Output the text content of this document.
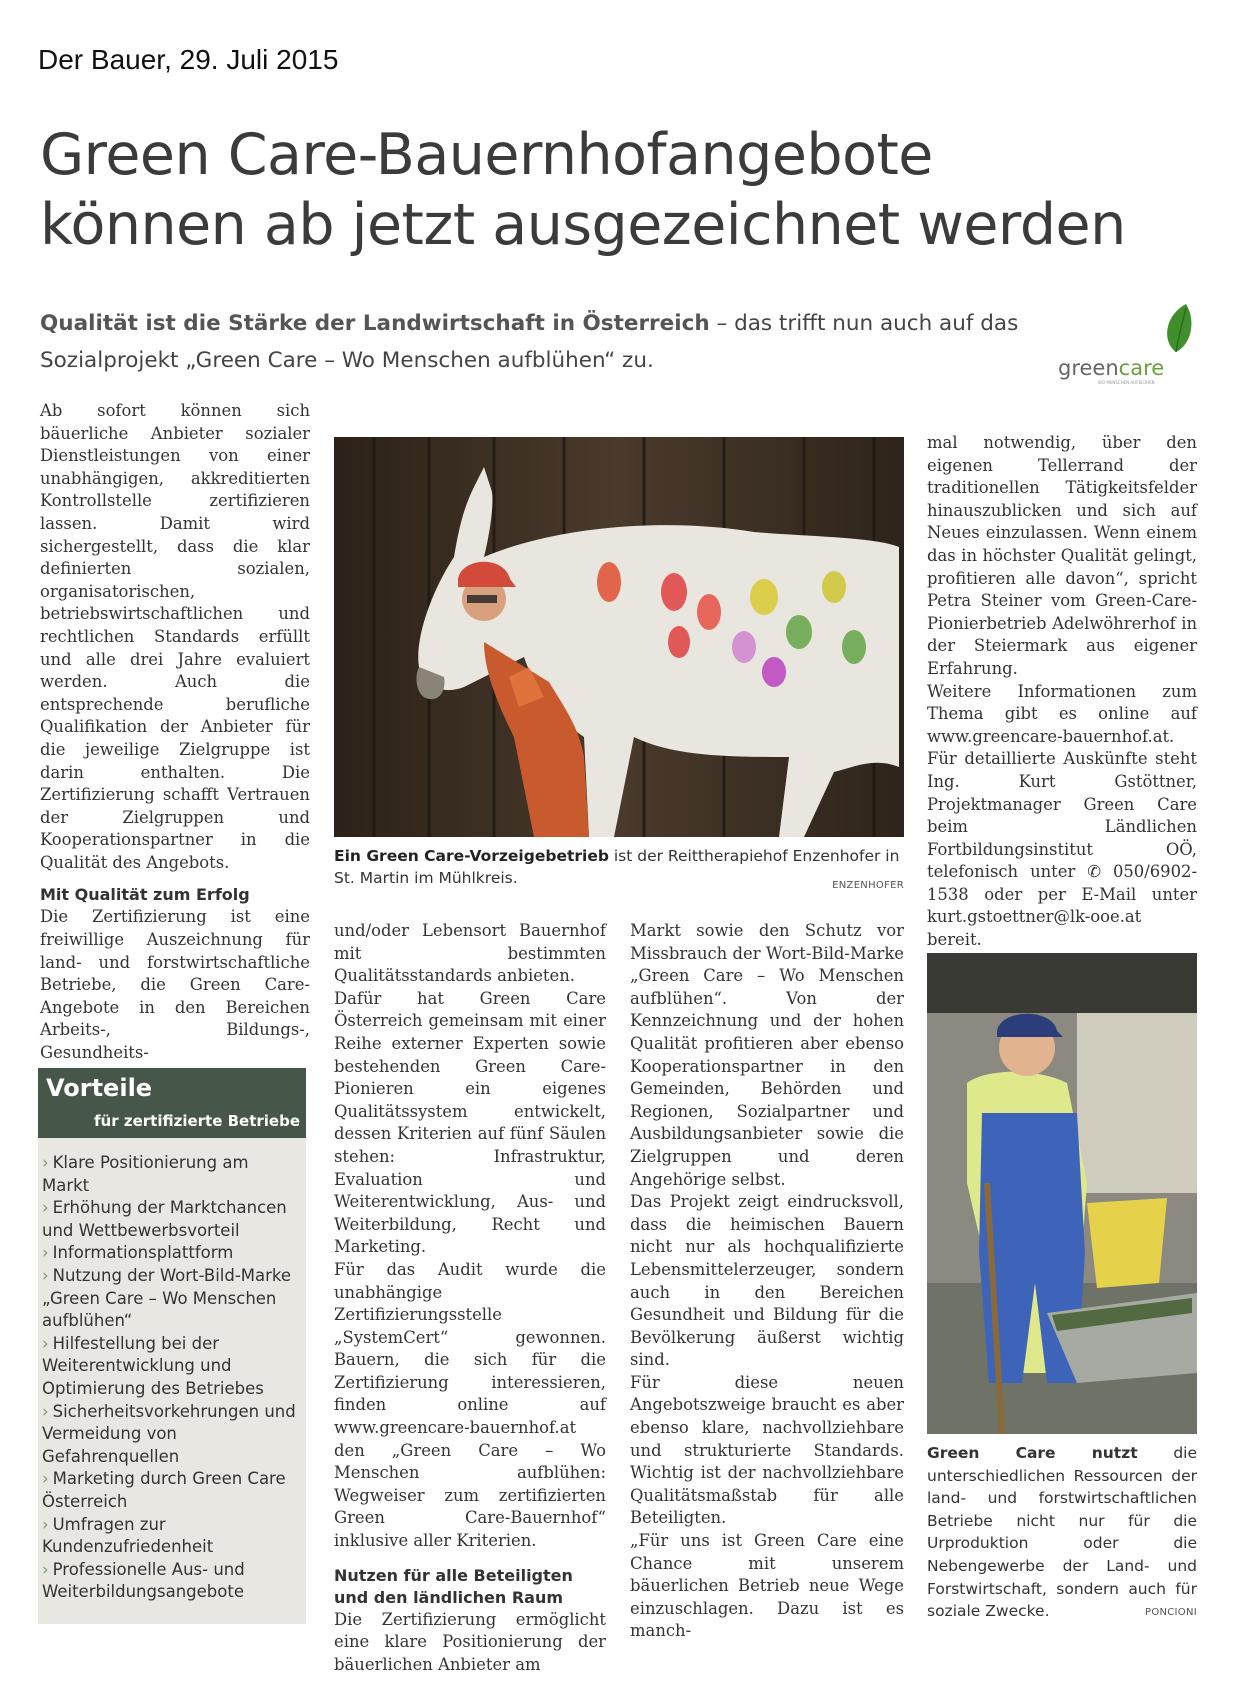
Der Bauer, 29. Juli 2015
Green Care-Bauernhofangebote
können ab jetzt ausgezeichnet werden
Qualität ist die Stärke der Landwirtschaft in Österreich – das trifft nun auch auf das Sozialprojekt „Green Care – Wo Menschen aufblühen“ zu.	greencare
WO MENSCHEN AUFBLÜHEN

Ab sofort können sich bäuerliche Anbieter sozialer Dienstleistungen von einer unabhängigen, akkreditierten Kontrollstelle zertifizieren lassen. Damit wird sichergestellt, dass die klar definierten sozialen, organisatorischen, betriebswirtschaftlichen und rechtlichen Standards erfüllt und alle drei Jahre evaluiert werden. Auch die entsprechende berufliche Qualifikation der Anbieter für die jeweilige Zielgruppe ist darin enthalten. Die Zertifizierung schafft Vertrauen der Zielgruppen und Kooperationspartner in die Qualität des Angebots.

Mit Qualität zum Erfolg

Die Zertifizierung ist eine freiwillige Auszeichnung für land- und forstwirtschaftliche Betriebe, die Green Care-Angebote in den Bereichen Arbeits-, Bildungs-, Gesundheits-

Vorteile
für zertifizierte Betriebe
› Klare Positionierung am Markt
› Erhöhung der Marktchancen und Wettbewerbsvorteil
› Informationsplattform
› Nutzung der Wort-Bild-Marke „Green Care – Wo Menschen aufblühen“
› Hilfestellung bei der Weiterentwicklung und Optimierung des Betriebes
› Sicherheitsvorkehrungen und Vermeidung von Gefahrenquellen
› Marketing durch Green Care Österreich
› Umfragen zur Kundenzufriedenheit
› Professionelle Aus- und Weiterbildungsangebote
Ein Green Care-Vorzeigebetrieb ist der Reittherapiehof Enzenhofer in St. Martin im Mühlkreis.	ENZENHOFER

und/oder Lebensort Bauernhof mit bestimmten Qualitätsstandards anbieten.

Dafür hat Green Care Österreich gemeinsam mit einer Reihe externer Experten sowie bestehenden Green Care-Pionieren ein eigenes Qualitätssystem entwickelt, dessen Kriterien auf fünf Säulen stehen: Infrastruktur, Evaluation und Weiterentwicklung, Aus- und Weiterbildung, Recht und Marketing.

Für das Audit wurde die unabhängige Zertifizierungsstelle „SystemCert“ gewonnen. Bauern, die sich für die Zertifizierung interessieren, finden online auf www.greencare-bauernhof.at den „Green Care – Wo Menschen aufblühen: Wegweiser zum zertifizierten Green Care-Bauernhof“ inklusive aller Kriterien.

Nutzen für alle Beteiligten und den ländlichen Raum

Die Zertifizierung ermöglicht eine klare Positionierung der bäuerlichen Anbieter am

Markt sowie den Schutz vor Missbrauch der Wort-Bild-Marke „Green Care – Wo Menschen aufblühen“. Von der Kennzeichnung und der hohen Qualität profitieren aber ebenso Kooperationspartner in den Gemeinden, Behörden und Regionen, Sozialpartner und Ausbildungsanbieter sowie die Zielgruppen und deren Angehörige selbst.

Das Projekt zeigt eindrucksvoll, dass die heimischen Bauern nicht nur als hochqualifizierte Lebensmittelerzeuger, sondern auch in den Bereichen Gesundheit und Bildung für die Bevölkerung äußerst wichtig sind.

Für diese neuen Angebotszweige braucht es aber ebenso klare, nachvollziehbare und strukturierte Standards. Wichtig ist der nachvollziehbare Qualitätsmaßstab für alle Beteiligten.

„Für uns ist Green Care eine Chance mit unserem bäuerlichen Betrieb neue Wege einzuschlagen. Dazu ist es manch-

mal notwendig, über den eigenen Tellerrand der traditionellen Tätigkeitsfelder hinauszublicken und sich auf Neues einzulassen. Wenn einem das in höchster Qualität gelingt, profitieren alle davon“, spricht Petra Steiner vom Green-Care-Pionierbetrieb Adelwöhrerhof in der Steiermark aus eigener Erfahrung.

Weitere Informationen zum Thema gibt es online auf www.greencare-bauernhof.at. Für detaillierte Auskünfte steht Ing. Kurt Gstöttner, Projektmanager Green Care beim Ländlichen Fortbildungsinstitut OÖ, telefonisch unter ✆ 050/6902-1538 oder per E-Mail unter kurt.gstoettner@lk-ooe.at bereit.

Green Care nutzt die unterschiedlichen Ressourcen der land- und forstwirtschaftlichen Betriebe nicht nur für die Urproduktion oder die Nebengewerbe der Land- und Forstwirtschaft, sondern auch für soziale Zwecke.	PONCIONI
